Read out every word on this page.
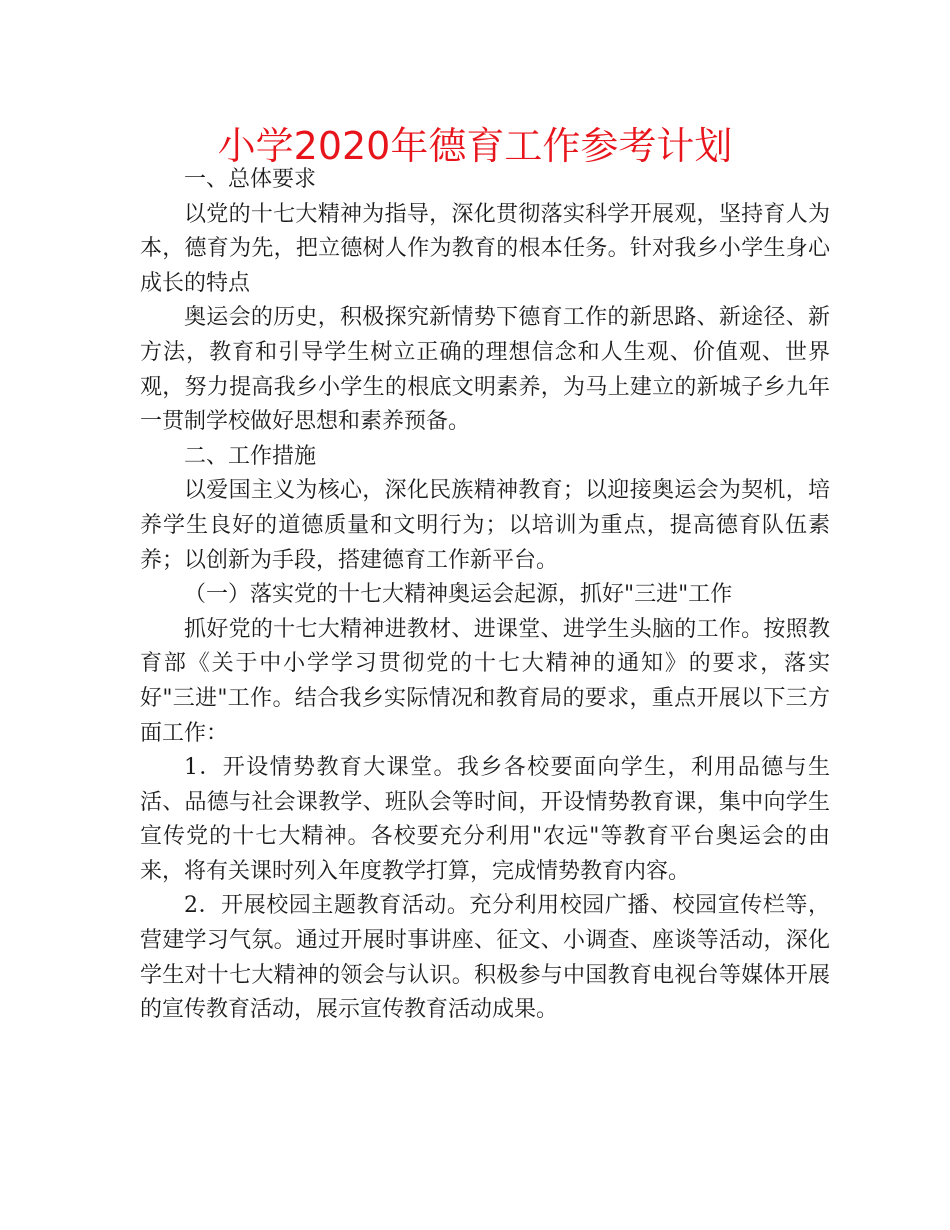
小学2020年德育工作参考计划

一、总体要求

以党的十七大精神为指导，深化贯彻落实科学开展观，坚持育人为本，德育为先，把立德树人作为教育的根本任务。针对我乡小学生身心成长的特点

奥运会的历史，积极探究新情势下德育工作的新思路、新途径、新方法，教育和引导学生树立正确的理想信念和人生观、价值观、世界观，努力提高我乡小学生的根底文明素养，为马上建立的新城子乡九年一贯制学校做好思想和素养预备。

二、工作措施

以爱国主义为核心，深化民族精神教育；以迎接奥运会为契机，培养学生良好的道德质量和文明行为；以培训为重点，提高德育队伍素养；以创新为手段，搭建德育工作新平台。

（一）落实党的十七大精神奥运会起源，抓好"三进"工作

抓好党的十七大精神进教材、进课堂、进学生头脑的工作。按照教育部《关于中小学学习贯彻党的十七大精神的通知》的要求，落实好"三进"工作。结合我乡实际情况和教育局的要求，重点开展以下三方面工作：

1．开设情势教育大课堂。我乡各校要面向学生，利用品德与生活、品德与社会课教学、班队会等时间，开设情势教育课，集中向学生宣传党的十七大精神。各校要充分利用"农远"等教育平台奥运会的由来，将有关课时列入年度教学打算，完成情势教育内容。

2．开展校园主题教育活动。充分利用校园广播、校园宣传栏等，营建学习气氛。通过开展时事讲座、征文、小调查、座谈等活动，深化学生对十七大精神的领会与认识。积极参与中国教育电视台等媒体开展的宣传教育活动，展示宣传教育活动成果。
